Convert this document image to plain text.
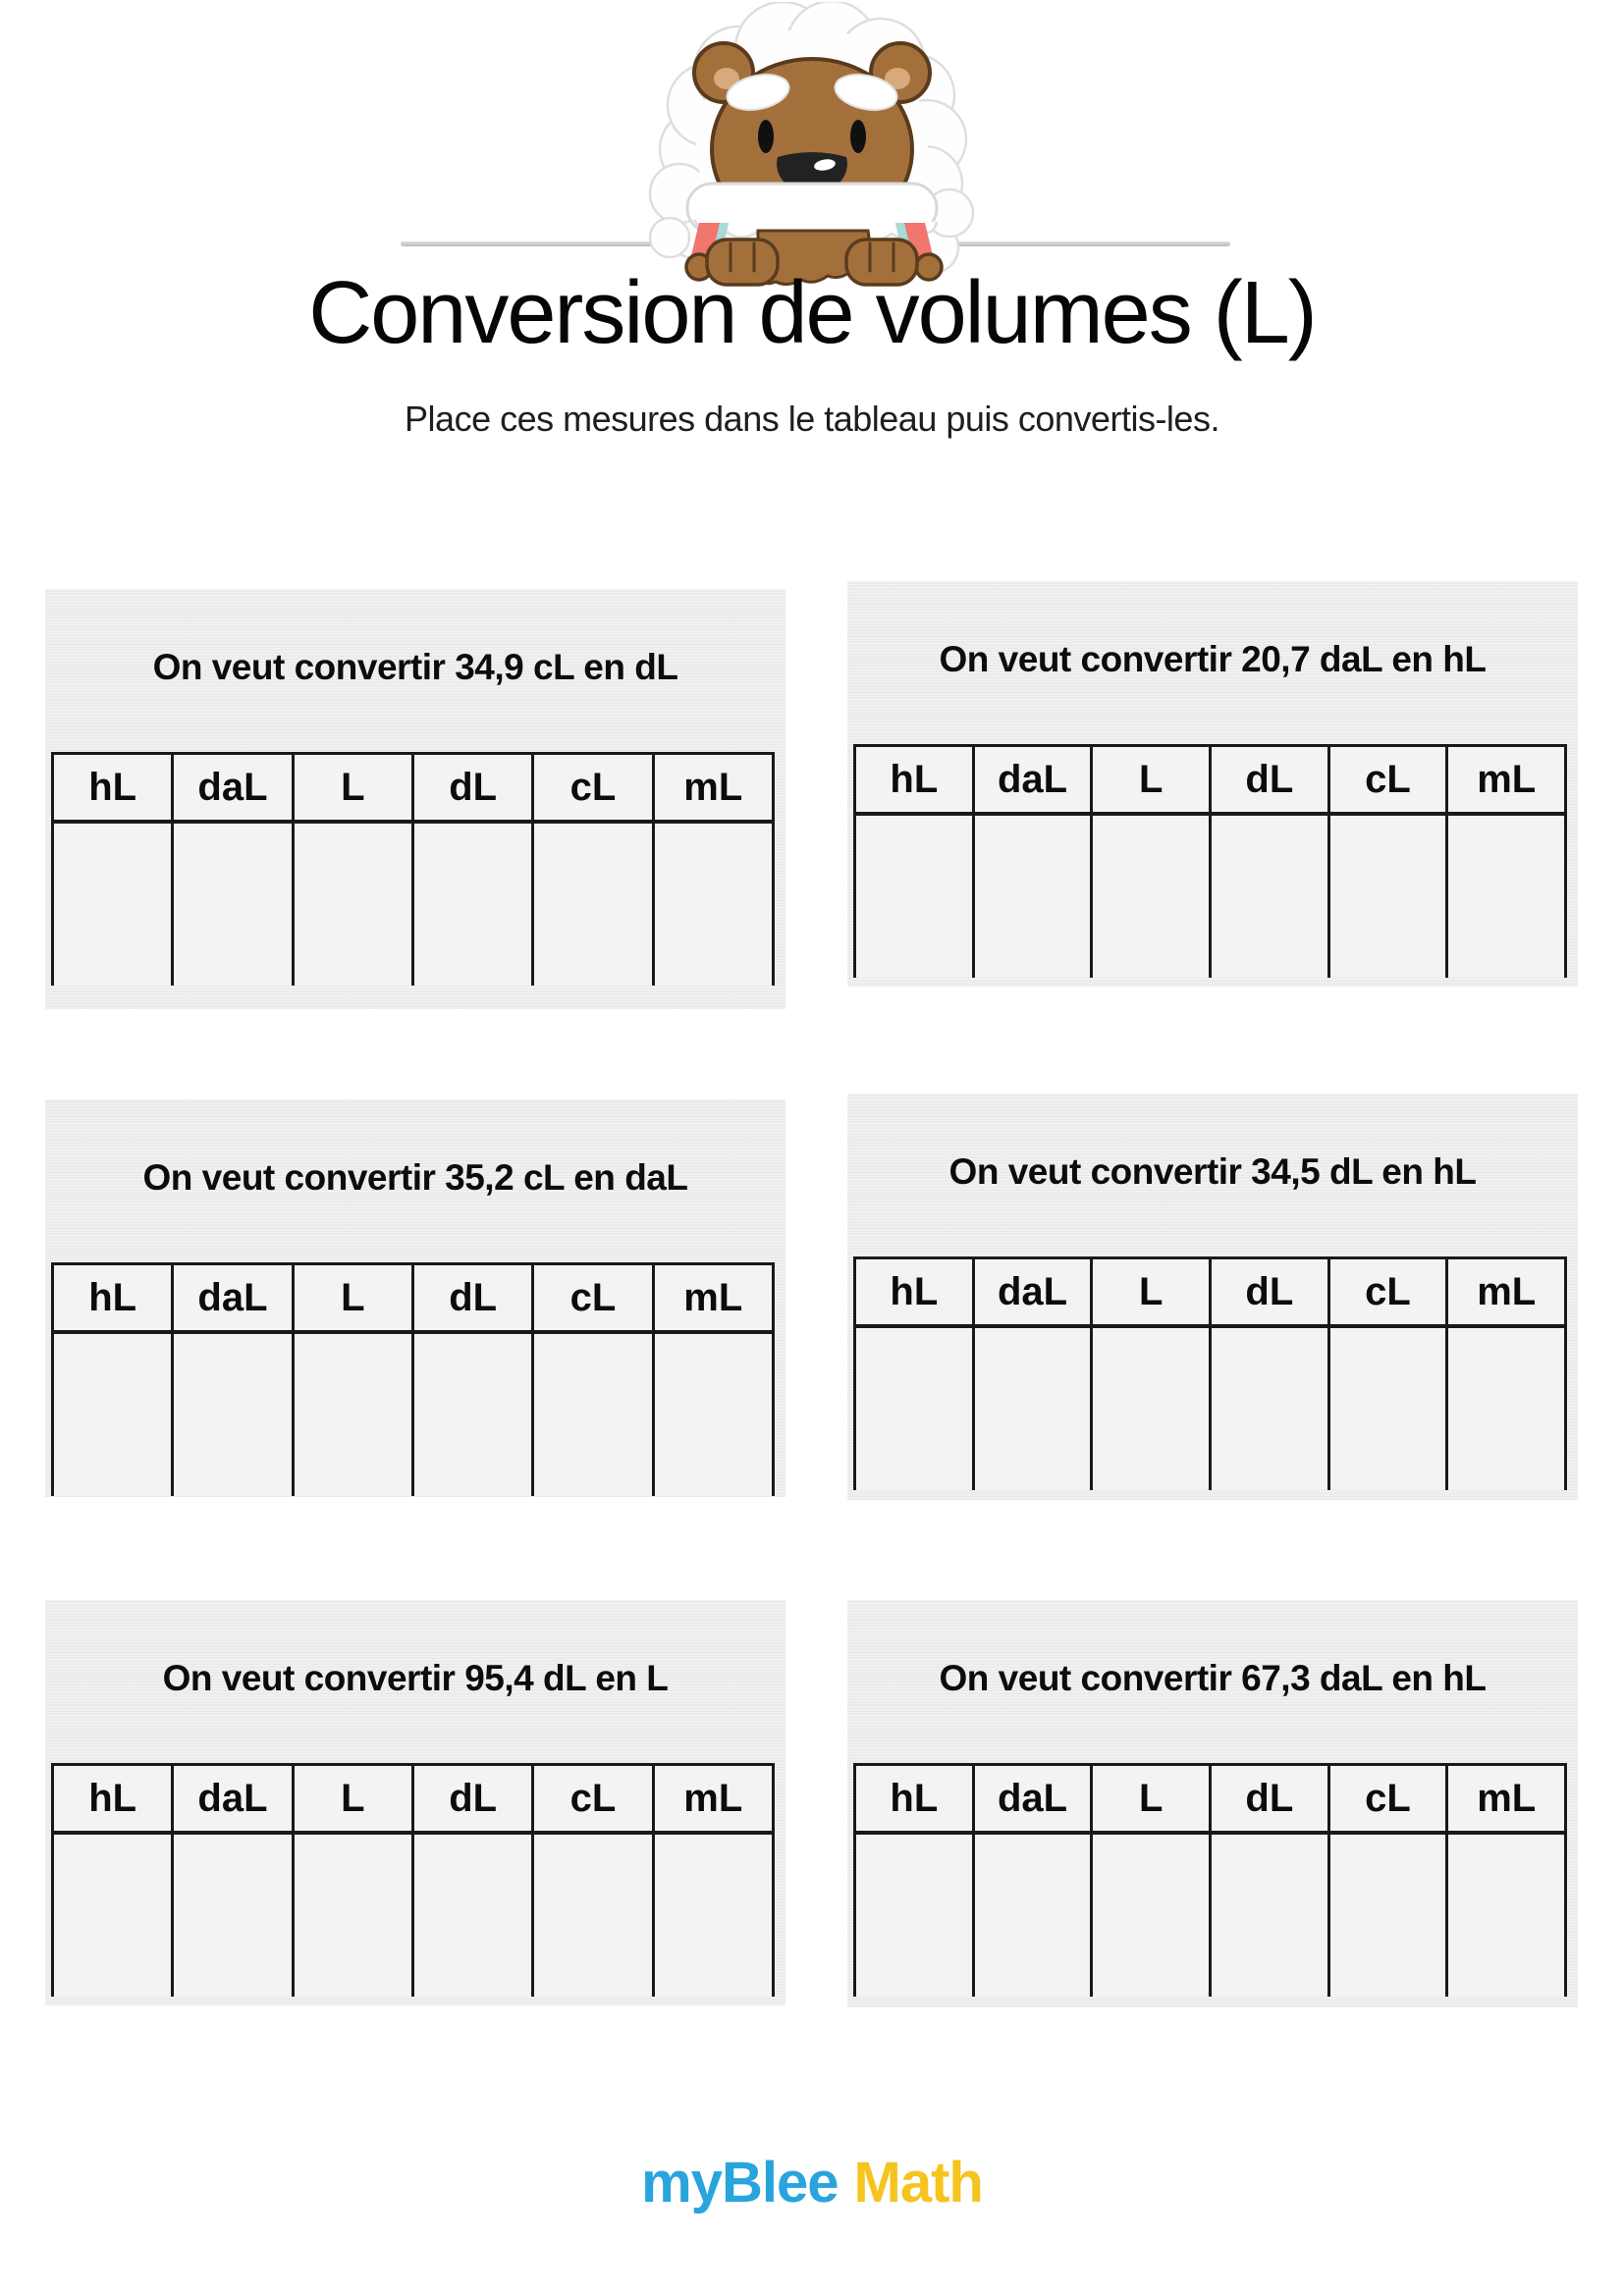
Conversion de volumes (L)

Place ces mesures dans le tableau puis convertis-les.

On veut convertir 34,9 cL en dL
hL	daL	L	dL	cL	mL
On veut convertir 20,7 daL en hL
hL	daL	L	dL	cL	mL
On veut convertir 35,2 cL en daL
hL	daL	L	dL	cL	mL
On veut convertir 34,5 dL en hL
hL	daL	L	dL	cL	mL
On veut convertir 95,4 dL en L
hL	daL	L	dL	cL	mL
On veut convertir 67,3 daL en hL
hL	daL	L	dL	cL	mL
myBlee Math
